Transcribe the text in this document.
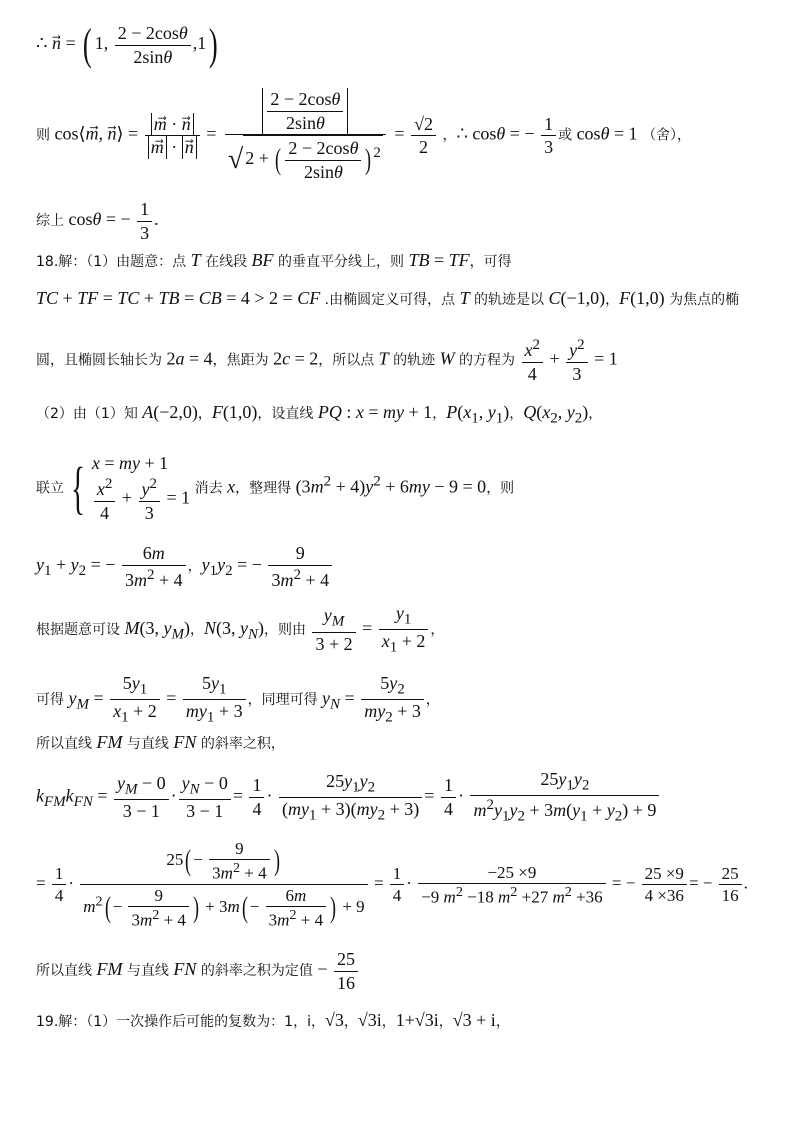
∴ n⃗ = ( 1, $\frac{2 - 2\cos\theta}{2\sin\theta} ,1$)
则 cos⟨m⃗, n⃗⟩ = $\frac{m⃗ \cdot n}{m \cdot n} = \frac{\frac{2 - 2\cos\theta}{2\sin\theta}}{√ 2 + ( \frac{2 - 2\cos\theta}{2\sin\theta} ) ^2} = \frac{√2}{2}$ ，∴ cosθ = − $\frac{1}{3}$ 或 cosθ = 1 （舍），
综上 cosθ = − $\frac{1}{3}$ .
18.解：（1）由题意：点 T 在线段 BF 的垂直平分线上，则 TB = TF，可得
TC + TF = TC + TB = CB = 4 > 2 = CF .由椭圆定义可得，点 T 的轨迹是以 C(−1,0)，F(1,0) 为焦点的椭
圆，且椭圆长轴长为 2a = 4，焦距为 2c = 2，所以点 T 的轨迹 W 的方程为 $\frac{x^2}{4} + \frac{y^2}{3} = 1$
（2）由（1）知 A(−2,0)，F(1,0)，设直线 PQ : x = my + 1，$P(x_1$, $y_1$)，$Q(x_2$, $y_2$)，
联立 { x = my + 1
$\frac{x^2}{4} + \frac{y^2}{3} = 1$ 消去 x，整理得 $(3m^2 + 4)y^2 + 6my - 9 = 0$，则
$y_1 + y_2$ = − $\frac{6m}{3m^2 + 4}$ ，$y_1y_2$ = − $\frac{9}{3m^2 + 4}$
根据题意可设 M(3, $y_M$)，N(3, $y_N$)，则由 $\frac{y_M}{3 + 2} = \frac{y_1}{x_1 + 2}$ ，
可得 $y_M = \frac{5y_1}{x_1 + 2} = \frac{5y_1}{my_1 + 3}$ ，同理可得 $y_N = \frac{5y_2}{my_2 + 3}$ ，
所以直线 FM 与直线 FN 的斜率之积，
$k_{FM}k_{FN} = \frac{y_M - 0}{3 - 1} \cdot \frac{y_N - 0}{3 - 1} = \frac{1}{4} \cdot \frac{25y_1y_2}{(my_1 + 3)(my_2 + 3)} = \frac{1}{4} \cdot \frac{25y_1y_2}{m^2y_1y_2 + 3m(y_1 + y_2) + 9}$
= $\frac{1}{4} \cdot \frac{25( - \frac{9}{3m^2 + 4} )}{m^2( - \frac{9}{3m^2 + 4} ) + 3m( - \frac{6m}{3m^2 + 4} ) + 9} = \frac{1}{4} \cdot \frac{-25 \times 9}{-9 m^2 -18 m^2 +27 m^2 +36}$ = − $\frac{25 \times 9}{4 \times 36}$ = − $\frac{25}{16}$ .
所以直线 FM 与直线 FN 的斜率之积为定值 − $\frac{25}{16}$
19.解：（1）一次操作后可能的复数为：1，i，√3，√3i，1+√3i，√3 + i，
